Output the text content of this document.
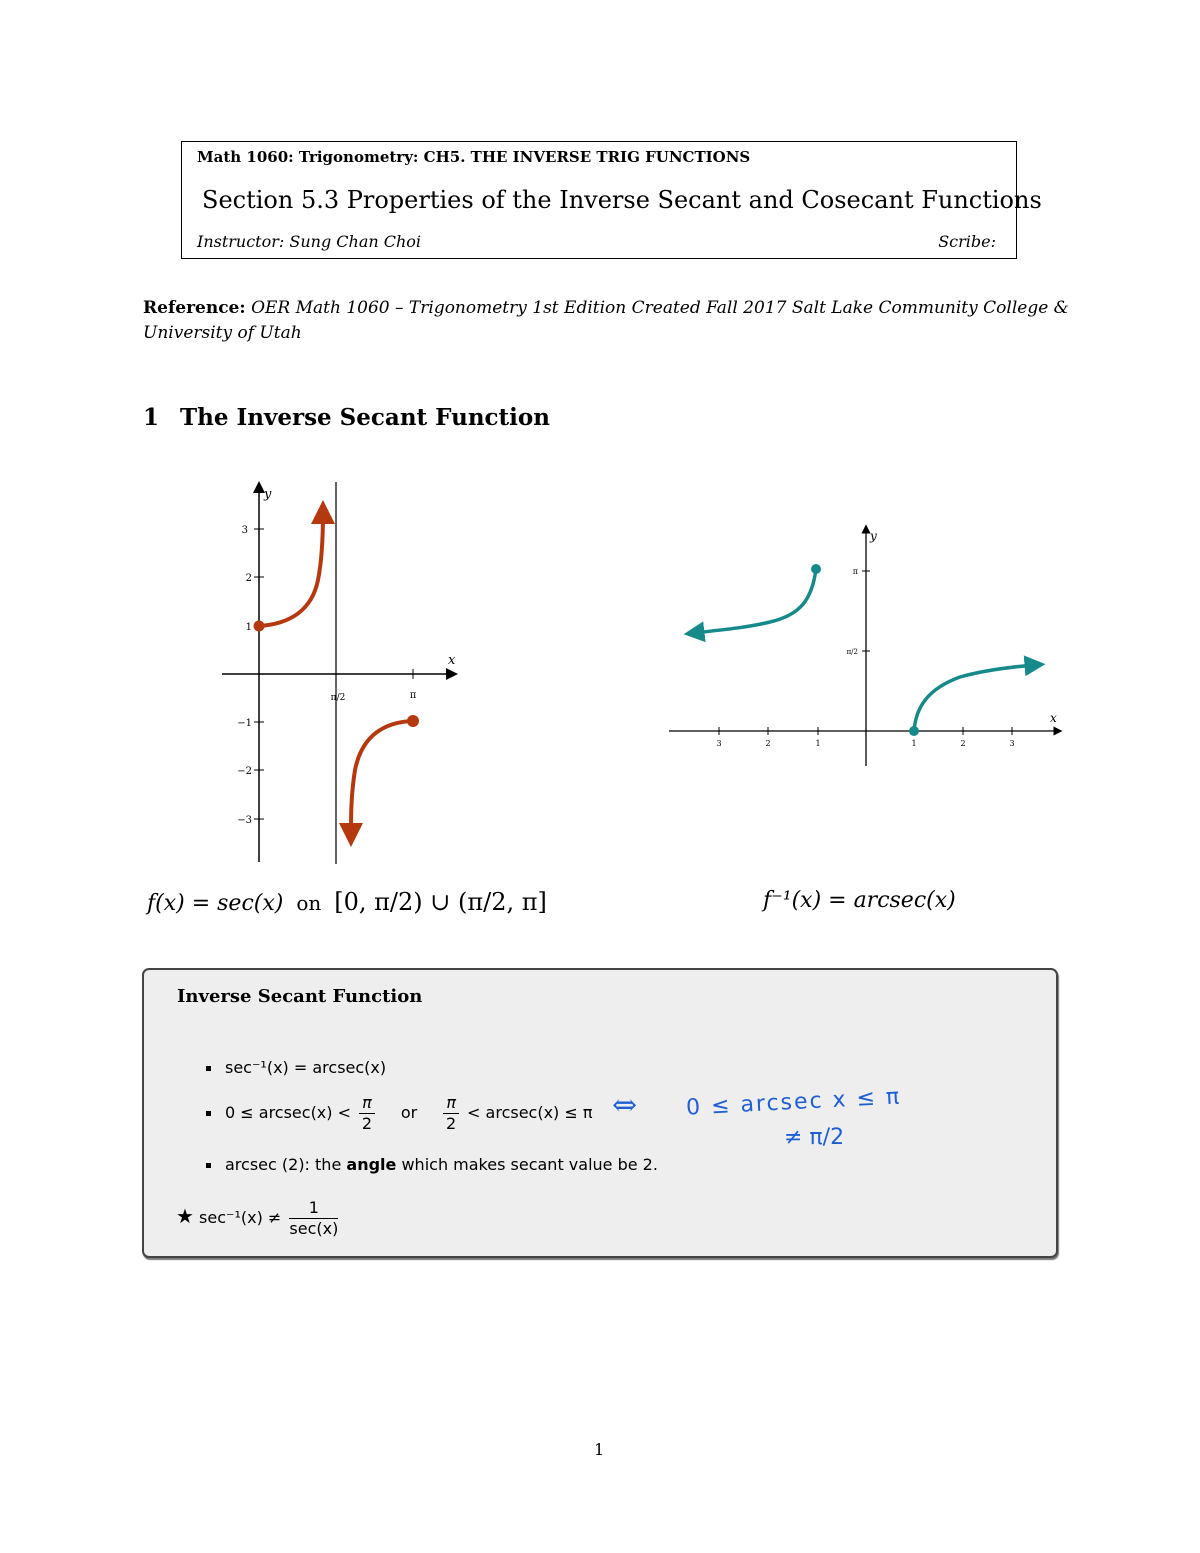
Math 1060: Trigonometry: CH5. THE INVERSE TRIG FUNCTIONS
Section 5.3 Properties of the Inverse Secant and Cosecant Functions
Instructor: Sung Chan Choi	Scribe:
Reference: OER Math 1060 – Trigonometry 1st Edition Created Fall 2017 Salt Lake Community College & University of Utah
1 The Inverse Secant Function
3
2
1
−1
−2
−3
π/2	π
x
y
3	2	1	1	2	3
π
π/2
x
y
f(x) = sec(x) on [0, π/2) ∪ (π/2, π]	f⁻¹(x) = arcsec(x)
Inverse Secant Function
sec⁻¹(x) = arcsec(x)
$0 \le arcsec(x) < \frac{\pi}{2}$ or $\frac{\pi}{2} < arcsec(x) \le \pi$
arcsec (2): the angle which makes secant value be 2.
★ $\sec^{-1}(x) \ne \frac{1}{\sec(x)}$
⇔ 0 ≤ arcsec x ≤ π
≠ π/2
1
